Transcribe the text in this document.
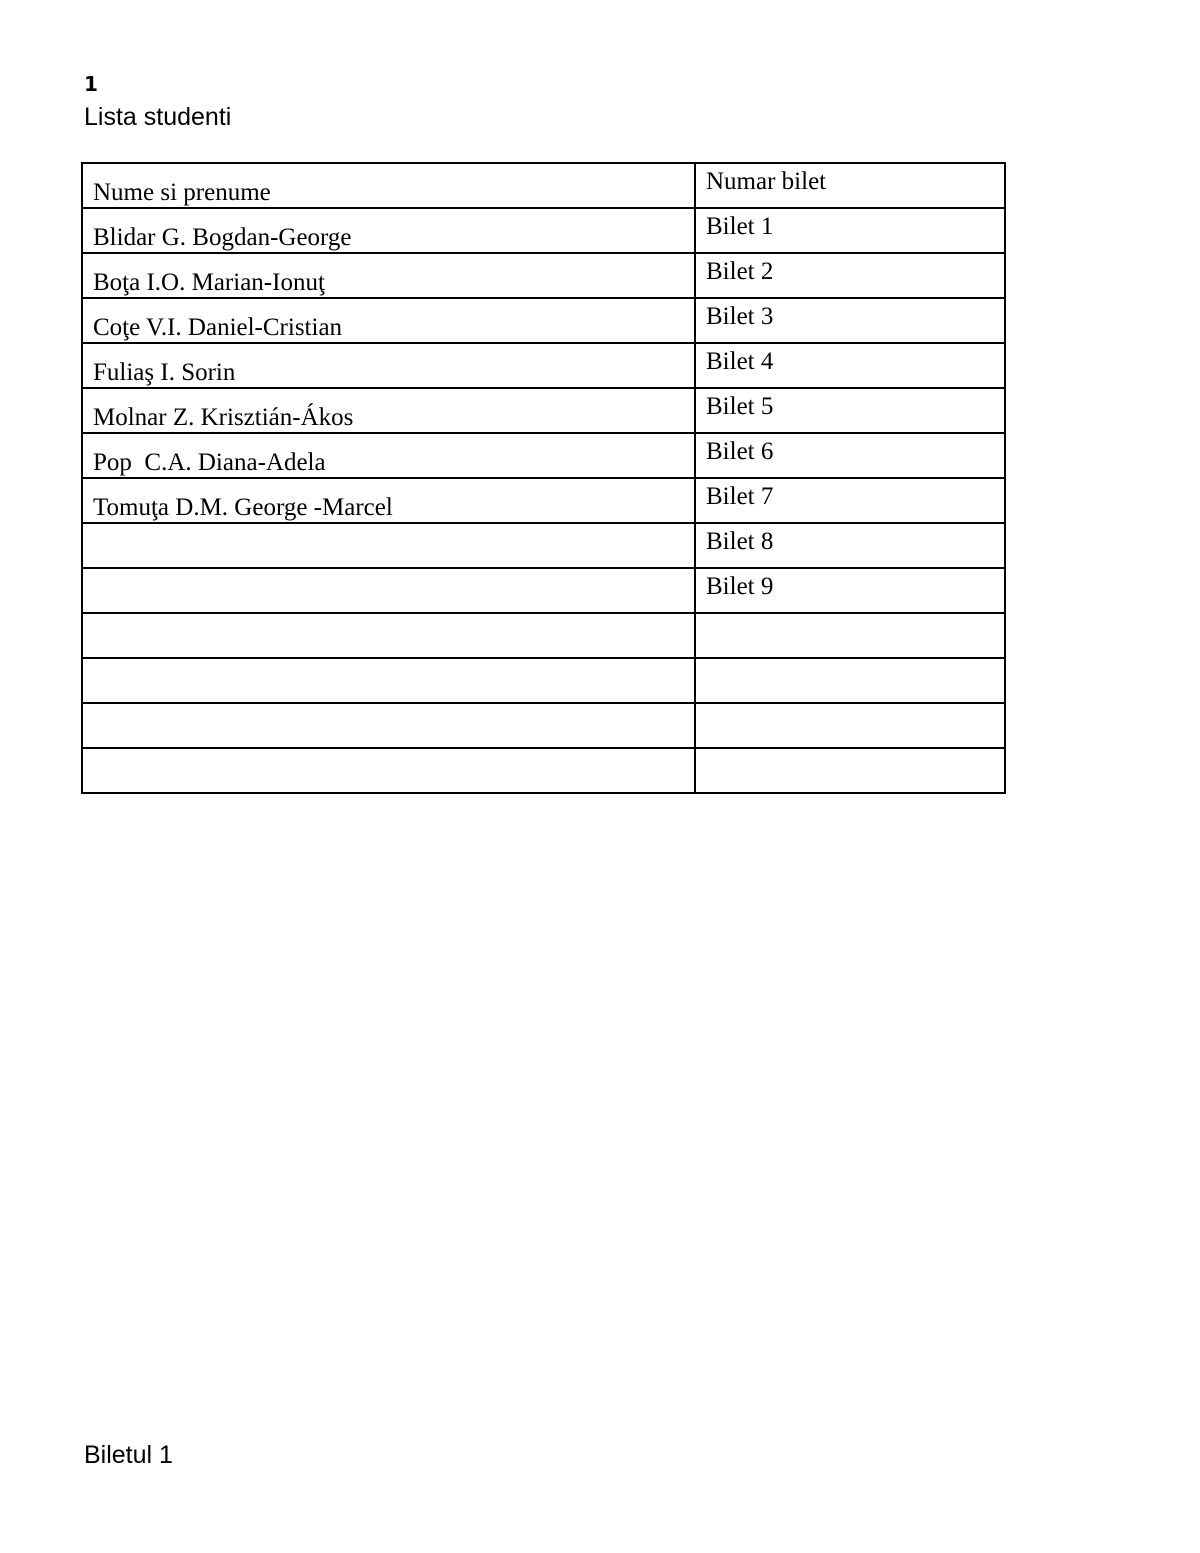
1
Lista studenti
Nume si prenume	Numar bilet
Blidar G. Bogdan-George	Bilet 1
Boţa I.O. Marian-Ionuţ	Bilet 2
Coţe V.I. Daniel-Cristian	Bilet 3
Fuliaş I. Sorin	Bilet 4
Molnar Z. Krisztián-Ákos	Bilet 5
Pop  C.A. Diana-Adela	Bilet 6
Tomuţa D.M. George -Marcel	Bilet 7
	Bilet 8
	Bilet 9

Biletul 1
